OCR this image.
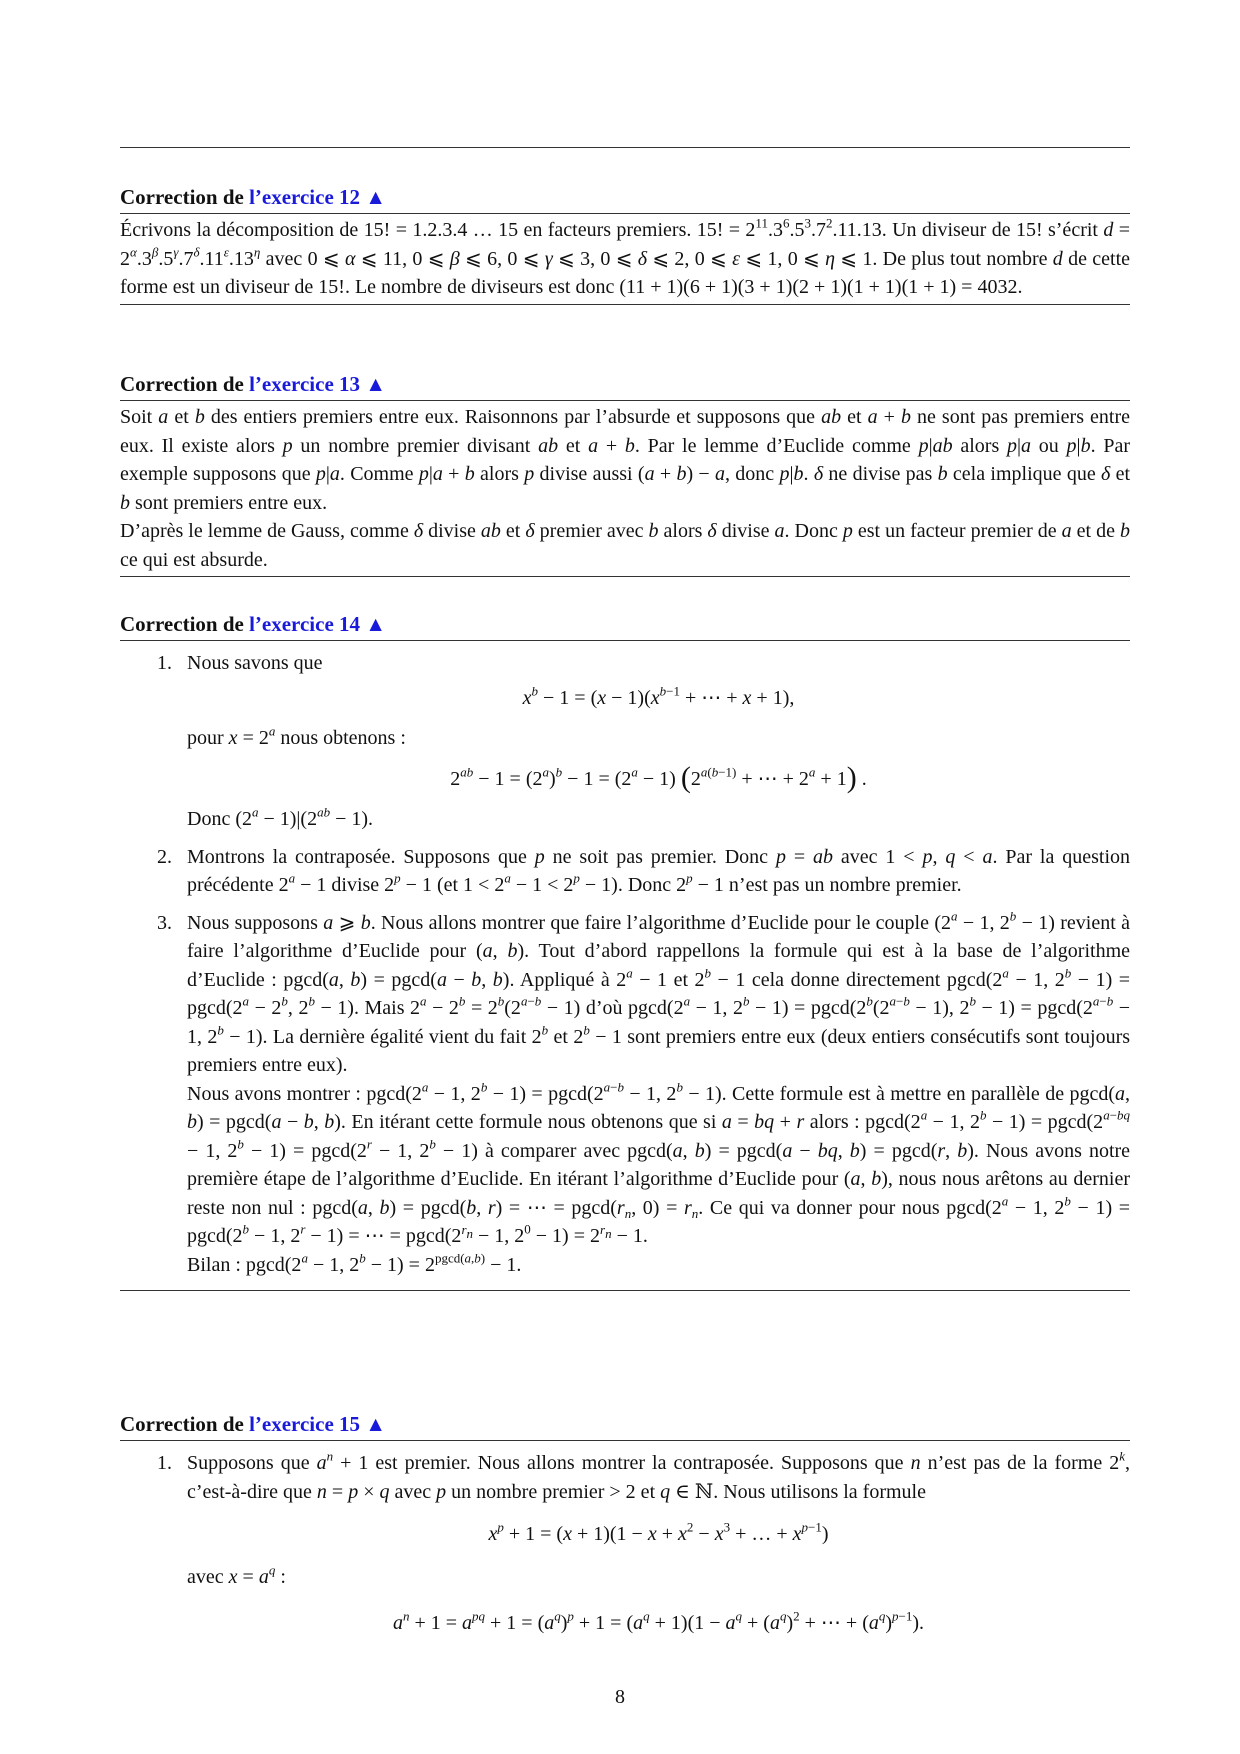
Correction de l’exercice 12 ▲
Écrivons la décomposition de 15! = 1.2.3.4 … 15 en facteurs premiers. 15! = $2^{11}.3^6.5^3.7^2.11.13$. Un diviseur de 15! s’écrit $d = 2^\alpha.3^\beta.5^\gamma.7^\delta.11^\varepsilon.13^\eta$ avec 0 ⩽ α ⩽ 11, 0 ⩽ β ⩽ 6, 0 ⩽ γ ⩽ 3, 0 ⩽ δ ⩽ 2, 0 ⩽ ε ⩽ 1, 0 ⩽ η ⩽ 1. De plus tout nombre d de cette forme est un diviseur de 15!. Le nombre de diviseurs est donc (11 + 1)(6 + 1)(3 + 1)(2 + 1)(1 + 1)(1 + 1) = 4032.
Correction de l’exercice 13 ▲
Soit a et b des entiers premiers entre eux. Raisonnons par l’absurde et supposons que ab et a + b ne sont pas premiers entre eux. Il existe alors p un nombre premier divisant ab et a + b. Par le lemme d’Euclide comme p|ab alors p|a ou p|b. Par exemple supposons que p|a. Comme p|a + b alors p divise aussi (a + b) − a, donc p|b. δ ne divise pas b cela implique que δ et b sont premiers entre eux.
D’après le lemme de Gauss, comme δ divise ab et δ premier avec b alors δ divise a. Donc p est un facteur premier de a et de b ce qui est absurde.
Correction de l’exercice 14 ▲
1. Nous savons que
$x^b - 1 = (x - 1)(x^{b-1}$ + ⋯ + x + 1),
pour $x = 2^a$ nous obtenons :
$2^{ab} - 1 = (2^a)^b - 1 = (2^a - 1) (2^{a(b-1)}$ + ⋯ + $2^a + 1$) .
Donc $(2^a - 1)|(2^{ab} - 1)$.
2. Montrons la contraposée. Supposons que p ne soit pas premier. Donc p = ab avec 1 < p, q < a. Par la question précédente $2^a - 1$ divise $2^p - 1$ (et $1 < 2^a - 1 < 2^p - 1$). Donc $2^p - 1$ n’est pas un nombre premier.
3. Nous supposons a ⩾ b. Nous allons montrer que faire l’algorithme d’Euclide pour le couple ($2^a - 1$, $2^b - 1$) revient à faire l’algorithme d’Euclide pour (a, b). Tout d’abord rappellons la formule qui est à la base de l’algorithme d’Euclide : pgcd(a, b) = pgcd(a − b, b). Appliqué à $2^a - 1$ et $2^b - 1$ cela donne directement $pgcd(2^a - 1$, $2^b - 1) = pgcd(2^a - 2^b$, $2^b - 1$). Mais $2^a - 2^b = 2^b(2^{a-b} - 1)$ d’où $pgcd(2^a - 1$, $2^b - 1) = pgcd(2^b(2^{a-b} - 1)$, $2^b - 1) = pgcd(2^{a-b} - 1$, $2^b - 1$). La dernière égalité vient du fait 2$^b$ et $2^b - 1$ sont premiers entre eux (deux entiers consécutifs sont toujours premiers entre eux).
Nous avons montrer : $pgcd(2^a - 1$, $2^b - 1) = pgcd(2^{a-b} - 1$, $2^b - 1$). Cette formule est à mettre en parallèle de pgcd(a, b) = pgcd(a − b, b). En itérant cette formule nous obtenons que si a = bq + r alors : $pgcd(2^a - 1$, $2^b - 1) = pgcd(2^{a-bq} - 1$, $2^b - 1) = pgcd(2^r - 1$, $2^b - 1$) à comparer avec pgcd(a, b) = pgcd(a − bq, b) = pgcd(r, b). Nous avons notre première étape de l’algorithme d’Euclide. En itérant l’algorithme d’Euclide pour (a, b), nous nous arêtons au dernier reste non nul : pgcd(a, b) = pgcd(b, r) = ⋯ = $pgcd(r_n$, $0) = r_n$. Ce qui va donner pour nous $pgcd(2^a - 1$, $2^b - 1) = pgcd(2^b - 1$, $2^r - 1$) = ⋯ = $pgcd(2^{r_n} - 1$, $2^0 - 1) = 2^{r_n} - 1$.
Bilan : $pgcd(2^a - 1$, $2^b - 1) = 2^{pgcd(a,b)} - 1$.
Correction de l’exercice 15 ▲
1. Supposons que $a^n + 1$ est premier. Nous allons montrer la contraposée. Supposons que n n’est pas de la forme 2$^k$, c’est-à-dire que n = p × q avec p un nombre premier > 2 et q ∈ ℕ. Nous utilisons la formule
$x^p + 1 = (x + 1)(1 - x + x^2 - x^3$ + … + $x^{p-1}$)
avec $x = a^q$ :
$a^n + 1 = a^{pq} + 1 = (a^q)^p + 1 = (a^q + 1)(1 - a^q + (a^q)^2$ + ⋯ + $(a^q)^{p-1}$).
8
